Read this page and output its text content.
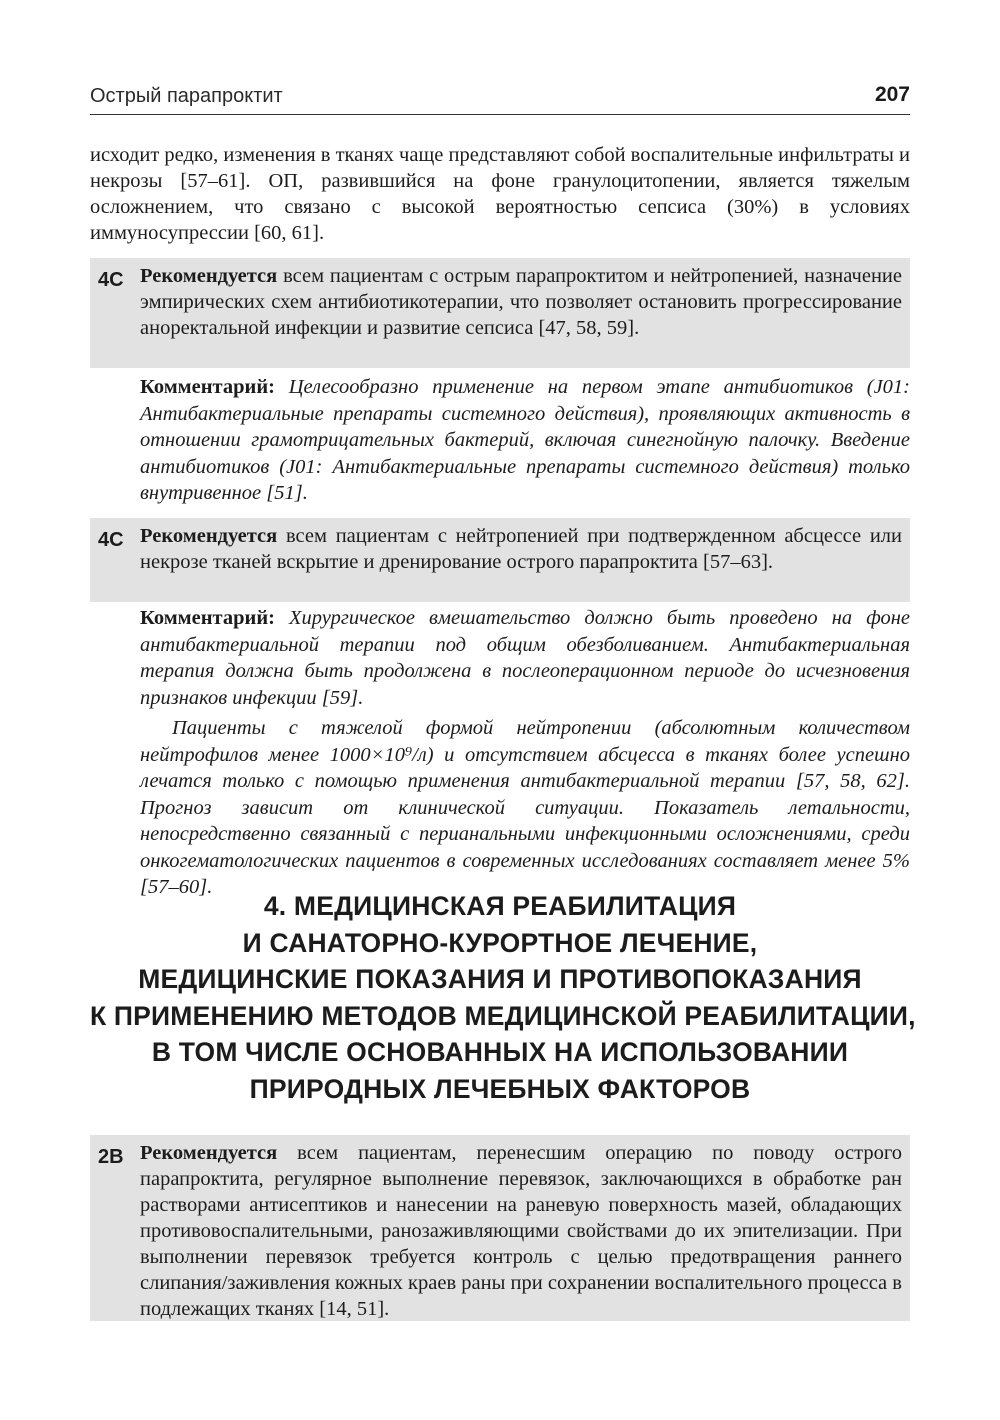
Острый парапроктит	207

исходит редко, изменения в тканях чаще представляют собой воспалительные инфильтраты и некрозы [57–61]. ОП, развившийся на фоне гранулоцитопении, является тяжелым осложнением, что связано с высокой вероятностью сепсиса (30%) в условиях иммуносупрессии [60, 61].

4C Рекомендуется всем пациентам с острым парапроктитом и нейтропенией, назначение эмпирических схем антибиотикотерапии, что позволяет остановить прогрессирование аноректальной инфекции и развитие сепсиса [47, 58, 59].

Комментарий: Целесообразно применение на первом этапе антибиотиков (J01: Антибактериальные препараты системного действия), проявляющих активность в отношении грамотрицательных бактерий, включая синегнойную палочку. Введение антибиотиков (J01: Антибактериальные препараты системного действия) только внутривенное [51].

4C Рекомендуется всем пациентам с нейтропенией при подтвержденном абсцессе или некрозе тканей вскрытие и дренирование острого парапроктита [57–63].

Комментарий: Хирургическое вмешательство должно быть проведено на фоне антибактериальной терапии под общим обезболиванием. Антибактериальная терапия должна быть продолжена в послеоперационном периоде до исчезновения признаков инфекции [59].

Пациенты с тяжелой формой нейтропении (абсолютным количеством нейтрофилов менее 1000×10⁹/л) и отсутствием абсцесса в тканях более успешно лечатся только с помощью применения антибактериальной терапии [57, 58, 62]. Прогноз зависит от клинической ситуации. Показатель летальности, непосредственно связанный с перианальными инфекционными осложнениями, среди онкогематологических пациентов в современных исследованиях составляет менее 5% [57–60].

4. МЕДИЦИНСКАЯ РЕАБИЛИТАЦИЯ
И САНАТОРНО-КУРОРТНОЕ ЛЕЧЕНИЕ,
МЕДИЦИНСКИЕ ПОКАЗАНИЯ И ПРОТИВОПОКАЗАНИЯ
К ПРИМЕНЕНИЮ МЕТОДОВ МЕДИЦИНСКОЙ РЕАБИЛИТАЦИИ,
В ТОМ ЧИСЛЕ ОСНОВАННЫХ НА ИСПОЛЬЗОВАНИИ
ПРИРОДНЫХ ЛЕЧЕБНЫХ ФАКТОРОВ
2B Рекомендуется всем пациентам, перенесшим операцию по поводу острого парапроктита, регулярное выполнение перевязок, заключающихся в обработке ран растворами антисептиков и нанесении на раневую поверхность мазей, обладающих противовоспалительными, ранозаживляющими свойствами до их эпителизации. При выполнении перевязок требуется контроль с целью предотвращения раннего слипания/заживления кожных краев раны при сохранении воспалительного процесса в подлежащих тканях [14, 51].
